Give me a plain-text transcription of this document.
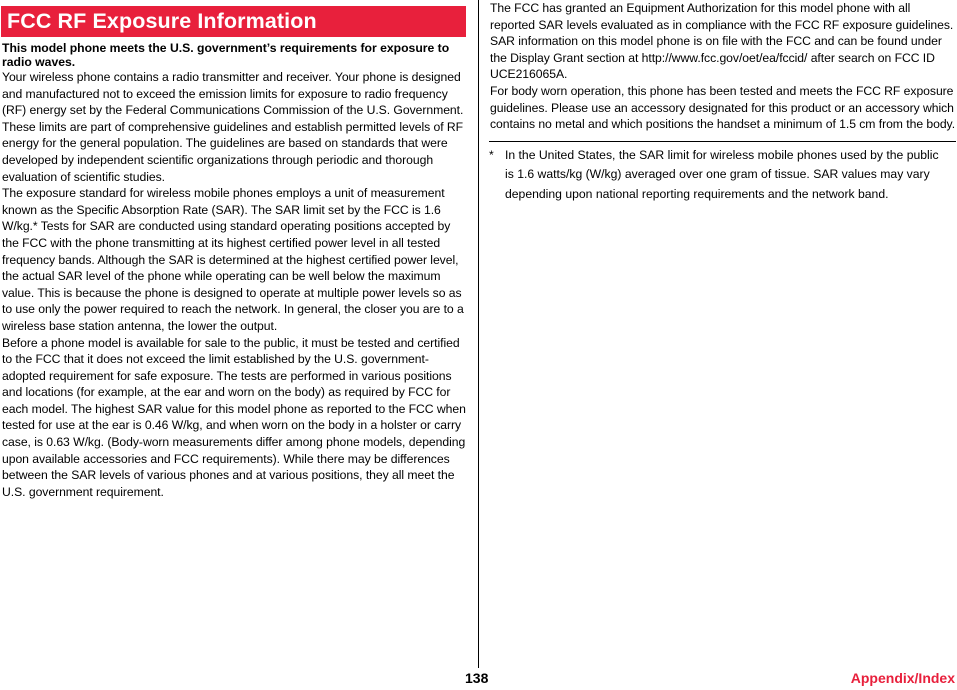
FCC RF Exposure Information
This model phone meets the U.S. government’s requirements for exposure to radio waves.

Your wireless phone contains a radio transmitter and receiver. Your phone is designed and manufactured not to exceed the emission limits for exposure to radio frequency (RF) energy set by the Federal Communications Commission of the U.S. Government. These limits are part of comprehensive guidelines and establish permitted levels of RF energy for the general population. The guidelines are based on standards that were developed by independent scientific organizations through periodic and thorough evaluation of scientific studies.

The exposure standard for wireless mobile phones employs a unit of measurement known as the Specific Absorption Rate (SAR). The SAR limit set by the FCC is 1.6 W/kg.* Tests for SAR are conducted using standard operating positions accepted by the FCC with the phone transmitting at its highest certified power level in all tested frequency bands. Although the SAR is determined at the highest certified power level, the actual SAR level of the phone while operating can be well below the maximum value. This is because the phone is designed to operate at multiple power levels so as to use only the power required to reach the network. In general, the closer you are to a wireless base station antenna, the lower the output.

Before a phone model is available for sale to the public, it must be tested and certified to the FCC that it does not exceed the limit established by the U.S. government-adopted requirement for safe exposure. The tests are performed in various positions and locations (for example, at the ear and worn on the body) as required by FCC for each model. The highest SAR value for this model phone as reported to the FCC when tested for use at the ear is 0.46 W/kg, and when worn on the body in a holster or carry case, is 0.63 W/kg. (Body-worn measurements differ among phone models, depending upon available accessories and FCC requirements). While there may be differences between the SAR levels of various phones and at various positions, they all meet the U.S. government requirement.

The FCC has granted an Equipment Authorization for this model phone with all reported SAR levels evaluated as in compliance with the FCC RF exposure guidelines. SAR information on this model phone is on file with the FCC and can be found under the Display Grant section at http://www.fcc.gov/oet/ea/fccid/ after search on FCC ID UCE216065A.

For body worn operation, this phone has been tested and meets the FCC RF exposure guidelines. Please use an accessory designated for this product or an accessory which contains no metal and which positions the handset a minimum of 1.5 cm from the body.

* In the United States, the SAR limit for wireless mobile phones used by the public is 1.6 watts/kg (W/kg) averaged over one gram of tissue. SAR values may vary depending upon national reporting requirements and the network band.
138	Appendix/Index
